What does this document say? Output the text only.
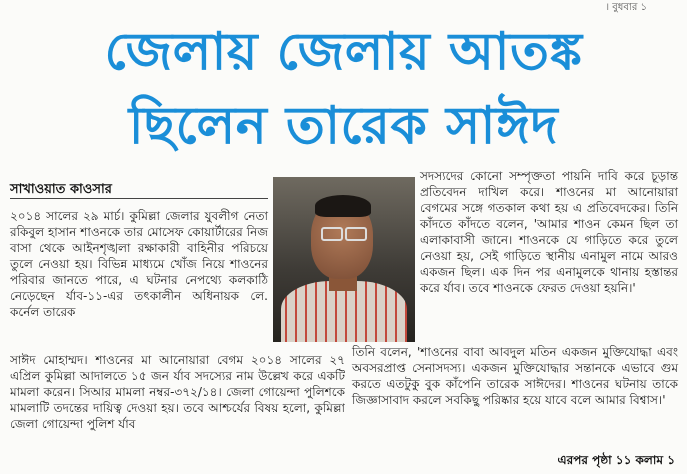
। বুধবার ১
জেলায় জেলায় আতঙ্ক
ছিলেন তারেক সাঈদ
সাখাওয়াত কাওসার

২০১৪ সালের ২৯ মার্চ। কুমিল্লা জেলার যুবলীগ নেতা রকিবুল হাসান শাওনকে তার মোসেফ কোয়ার্টারের নিজ বাসা থেকে আইনশৃঙ্খলা রক্ষাকারী বাহিনীর পরিচয়ে তুলে নেওয়া হয়। বিভিন্ন মাধ্যমে খোঁজ নিয়ে শাওনের পরিবার জানতে পারে, এ ঘটনার নেপথ্যে কলকাঠি নেড়েছেন র্যাব-১১-এর তৎকালীন অধিনায়ক লে. কর্নেল তারেক

সদস্যদের কোনো সম্পৃক্ততা পায়নি দাবি করে চূড়ান্ত প্রতিবেদন দাখিল করে। শাওনের মা আনোয়ারা বেগমের সঙ্গে গতকাল কথা হয় এ প্রতিবেদকের। তিনি কাঁদতে কাঁদতে বলেন, 'আমার শাওন কেমন ছিল তা এলাকাবাসী জানে। শাওনকে যে গাড়িতে করে তুলে নেওয়া হয়, সেই গাড়িতে স্থানীয় এনামুল নামে আরও একজন ছিল। এক দিন পর এনামুলকে থানায় হস্তান্তর করে র্যাব। তবে শাওনকে ফেরত দেওয়া হয়নি।'

সাঈদ মোহাম্মদ। শাওনের মা আনোয়ারা বেগম ২০১৪ সালের ২৭ এপ্রিল কুমিল্লা আদালতে ১৫ জন র্যাব সদস্যের নাম উল্লেখ করে একটি মামলা করেন। সিআর মামলা নম্বর-৩৭২/১৪। জেলা গোয়েন্দা পুলিশকে মামলাটি তদন্তের দায়িত্ব দেওয়া হয়। তবে আশ্চর্যের বিষয় হলো, কুমিল্লা জেলা গোয়েন্দা পুলিশ র্যাব

তিনি বলেন, 'শাওনের বাবা আবদুল মতিন একজন মুক্তিযোদ্ধা এবং অবসরপ্রাপ্ত সেনাসদস্য। একজন মুক্তিযোদ্ধার সন্তানকে এভাবে গুম করতে এতটুকু বুক কাঁপেনি তারেক সাঈদের। শাওনের ঘটনায় তাকে জিজ্ঞাসাবাদ করলে সবকিছু পরিষ্কার হয়ে যাবে বলে আমার বিশ্বাস।'

এরপর পৃষ্ঠা ১১ কলাম ১
